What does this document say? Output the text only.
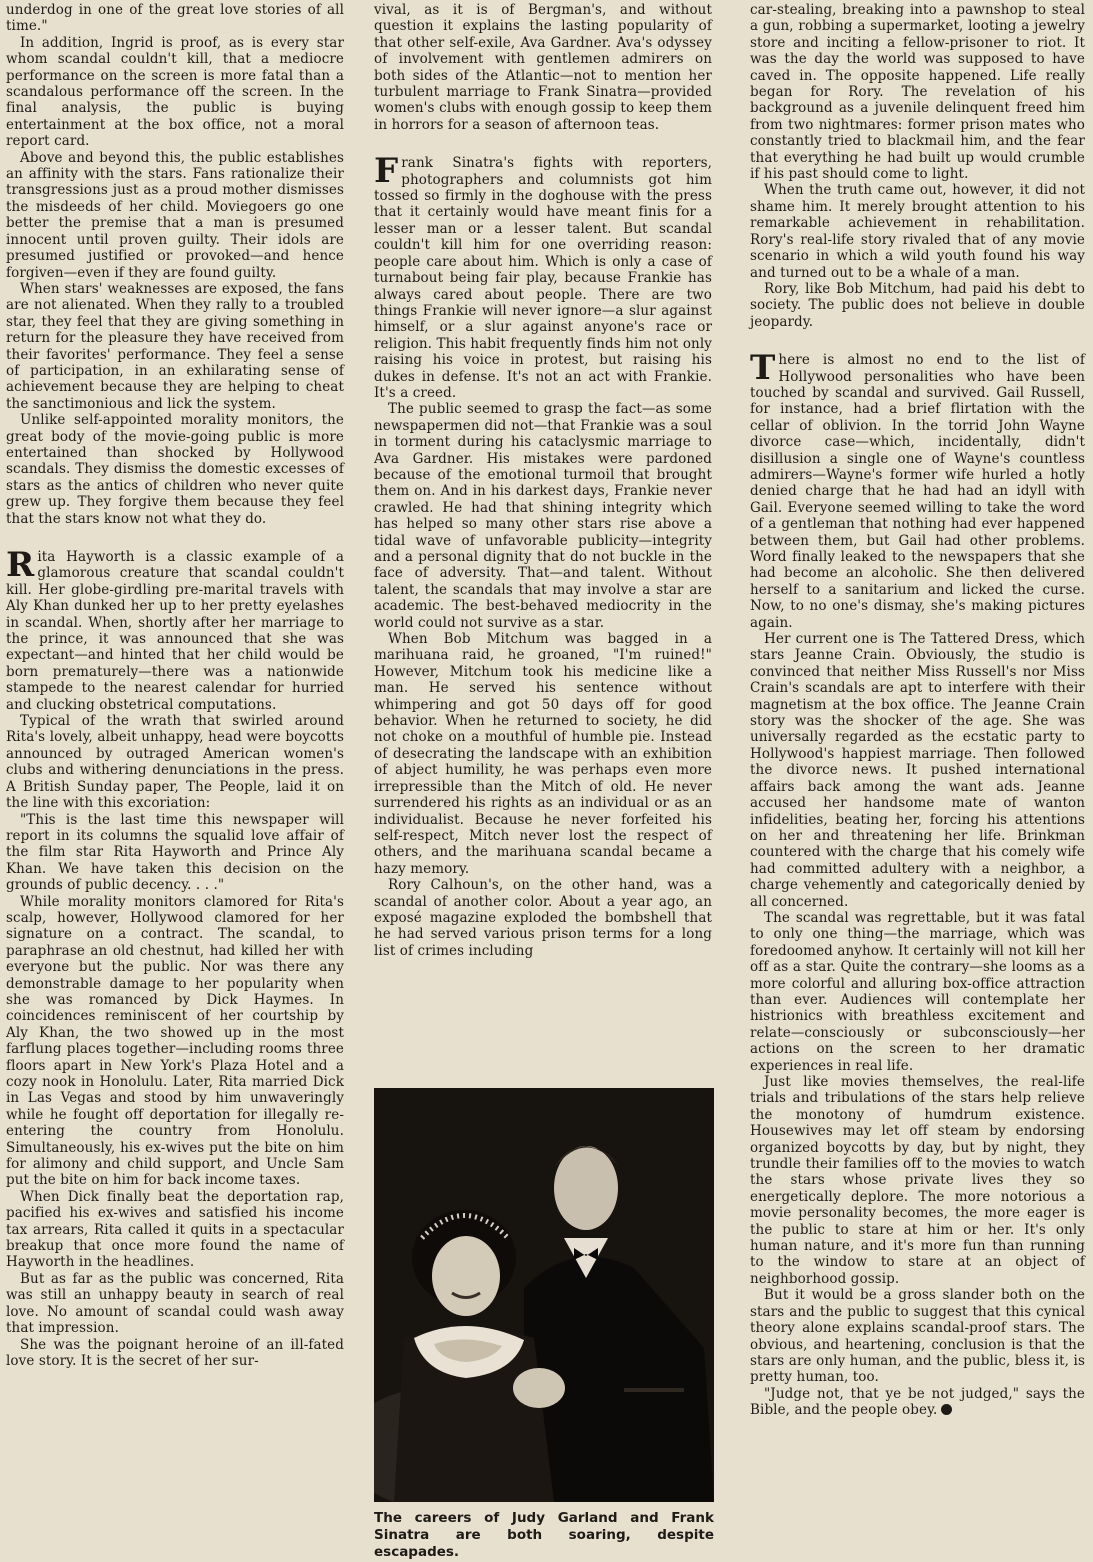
underdog in one of the great love stories of all time."

In addition, Ingrid is proof, as is every star whom scandal couldn't kill, that a mediocre performance on the screen is more fatal than a scandalous performance off the screen. In the final analysis, the public is buying entertainment at the box office, not a moral report card.

Above and beyond this, the public establishes an affinity with the stars. Fans rationalize their transgressions just as a proud mother dismisses the misdeeds of her child. Moviegoers go one better the premise that a man is presumed innocent until proven guilty. Their idols are presumed justified or provoked—and hence forgiven—even if they are found guilty.

When stars' weaknesses are exposed, the fans are not alienated. When they rally to a troubled star, they feel that they are giving something in return for the pleasure they have received from their favorites' performance. They feel a sense of participation, in an exhilarating sense of achievement because they are helping to cheat the sanctimonious and lick the system.

Unlike self-appointed morality monitors, the great body of the movie-going public is more entertained than shocked by Hollywood scandals. They dismiss the domestic excesses of stars as the antics of children who never quite grew up. They forgive them because they feel that the stars know not what they do.

Rita Hayworth is a classic example of a glamorous creature that scandal couldn't kill. Her globe-girdling pre-marital travels with Aly Khan dunked her up to her pretty eyelashes in scandal. When, shortly after her marriage to the prince, it was announced that she was expectant—and hinted that her child would be born prematurely—there was a nationwide stampede to the nearest calendar for hurried and clucking obstetrical computations.

Typical of the wrath that swirled around Rita's lovely, albeit unhappy, head were boycotts announced by outraged American women's clubs and withering denunciations in the press. A British Sunday paper, The People, laid it on the line with this excoriation:

"This is the last time this newspaper will report in its columns the squalid love affair of the film star Rita Hayworth and Prince Aly Khan. We have taken this decision on the grounds of public decency. . . ."

While morality monitors clamored for Rita's scalp, however, Hollywood clamored for her signature on a contract. The scandal, to paraphrase an old chestnut, had killed her with everyone but the public. Nor was there any demonstrable damage to her popularity when she was romanced by Dick Haymes. In coincidences reminiscent of her courtship by Aly Khan, the two showed up in the most farflung places together—including rooms three floors apart in New York's Plaza Hotel and a cozy nook in Honolulu. Later, Rita married Dick in Las Vegas and stood by him unwaveringly while he fought off deportation for illegally re-entering the country from Honolulu. Simultaneously, his ex-wives put the bite on him for alimony and child support, and Uncle Sam put the bite on him for back income taxes.

When Dick finally beat the deportation rap, pacified his ex-wives and satisfied his income tax arrears, Rita called it quits in a spectacular breakup that once more found the name of Hayworth in the headlines.

But as far as the public was concerned, Rita was still an unhappy beauty in search of real love. No amount of scandal could wash away that impression.

She was the poignant heroine of an ill-fated love story. It is the secret of her sur-

vival, as it is of Bergman's, and without question it explains the lasting popularity of that other self-exile, Ava Gardner. Ava's odyssey of involvement with gentlemen admirers on both sides of the Atlantic—not to mention her turbulent marriage to Frank Sinatra—provided women's clubs with enough gossip to keep them in horrors for a season of afternoon teas.

Frank Sinatra's fights with reporters, photographers and columnists got him tossed so firmly in the doghouse with the press that it certainly would have meant finis for a lesser man or a lesser talent. But scandal couldn't kill him for one overriding reason: people care about him. Which is only a case of turnabout being fair play, because Frankie has always cared about people. There are two things Frankie will never ignore—a slur against himself, or a slur against anyone's race or religion. This habit frequently finds him not only raising his voice in protest, but raising his dukes in defense. It's not an act with Frankie. It's a creed.

The public seemed to grasp the fact—as some newspapermen did not—that Frankie was a soul in torment during his cataclysmic marriage to Ava Gardner. His mistakes were pardoned because of the emotional turmoil that brought them on. And in his darkest days, Frankie never crawled. He had that shining integrity which has helped so many other stars rise above a tidal wave of unfavorable publicity—integrity and a personal dignity that do not buckle in the face of adversity. That—and talent. Without talent, the scandals that may involve a star are academic. The best-behaved mediocrity in the world could not survive as a star.

When Bob Mitchum was bagged in a marihuana raid, he groaned, "I'm ruined!" However, Mitchum took his medicine like a man. He served his sentence without whimpering and got 50 days off for good behavior. When he returned to society, he did not choke on a mouthful of humble pie. Instead of desecrating the landscape with an exhibition of abject humility, he was perhaps even more irrepressible than the Mitch of old. He never surrendered his rights as an individual or as an individualist. Because he never forfeited his self-respect, Mitch never lost the respect of others, and the marihuana scandal became a hazy memory.

Rory Calhoun's, on the other hand, was a scandal of another color. About a year ago, an exposé magazine exploded the bombshell that he had served various prison terms for a long list of crimes including

The careers of Judy Garland and Frank Sinatra are both soaring, despite escapades.

car-stealing, breaking into a pawnshop to steal a gun, robbing a supermarket, looting a jewelry store and inciting a fellow-prisoner to riot. It was the day the world was supposed to have caved in. The opposite happened. Life really began for Rory. The revelation of his background as a juvenile delinquent freed him from two nightmares: former prison mates who constantly tried to blackmail him, and the fear that everything he had built up would crumble if his past should come to light.

When the truth came out, however, it did not shame him. It merely brought attention to his remarkable achievement in rehabilitation. Rory's real-life story rivaled that of any movie scenario in which a wild youth found his way and turned out to be a whale of a man.

Rory, like Bob Mitchum, had paid his debt to society. The public does not believe in double jeopardy.

There is almost no end to the list of Hollywood personalities who have been touched by scandal and survived. Gail Russell, for instance, had a brief flirtation with the cellar of oblivion. In the torrid John Wayne divorce case—which, incidentally, didn't disillusion a single one of Wayne's countless admirers—Wayne's former wife hurled a hotly denied charge that he had had an idyll with Gail. Everyone seemed willing to take the word of a gentleman that nothing had ever happened between them, but Gail had other problems. Word finally leaked to the newspapers that she had become an alcoholic. She then delivered herself to a sanitarium and licked the curse. Now, to no one's dismay, she's making pictures again.

Her current one is The Tattered Dress, which stars Jeanne Crain. Obviously, the studio is convinced that neither Miss Russell's nor Miss Crain's scandals are apt to interfere with their magnetism at the box office. The Jeanne Crain story was the shocker of the age. She was universally regarded as the ecstatic party to Hollywood's happiest marriage. Then followed the divorce news. It pushed international affairs back among the want ads. Jeanne accused her handsome mate of wanton infidelities, beating her, forcing his attentions on her and threatening her life. Brinkman countered with the charge that his comely wife had committed adultery with a neighbor, a charge vehemently and categorically denied by all concerned.

The scandal was regrettable, but it was fatal to only one thing—the marriage, which was foredoomed anyhow. It certainly will not kill her off as a star. Quite the contrary—she looms as a more colorful and alluring box-office attraction than ever. Audiences will contemplate her histrionics with breathless excitement and relate—consciously or subconsciously—her actions on the screen to her dramatic experiences in real life.

Just like movies themselves, the real-life trials and tribulations of the stars help relieve the monotony of humdrum existence. Housewives may let off steam by endorsing organized boycotts by day, but by night, they trundle their families off to the movies to watch the stars whose private lives they so energetically deplore. The more notorious a movie personality becomes, the more eager is the public to stare at him or her. It's only human nature, and it's more fun than running to the window to stare at an object of neighborhood gossip.

But it would be a gross slander both on the stars and the public to suggest that this cynical theory alone explains scandal-proof stars. The obvious, and heartening, conclusion is that the stars are only human, and the public, bless it, is pretty human, too.

"Judge not, that ye be not judged," says the Bible, and the people obey.
